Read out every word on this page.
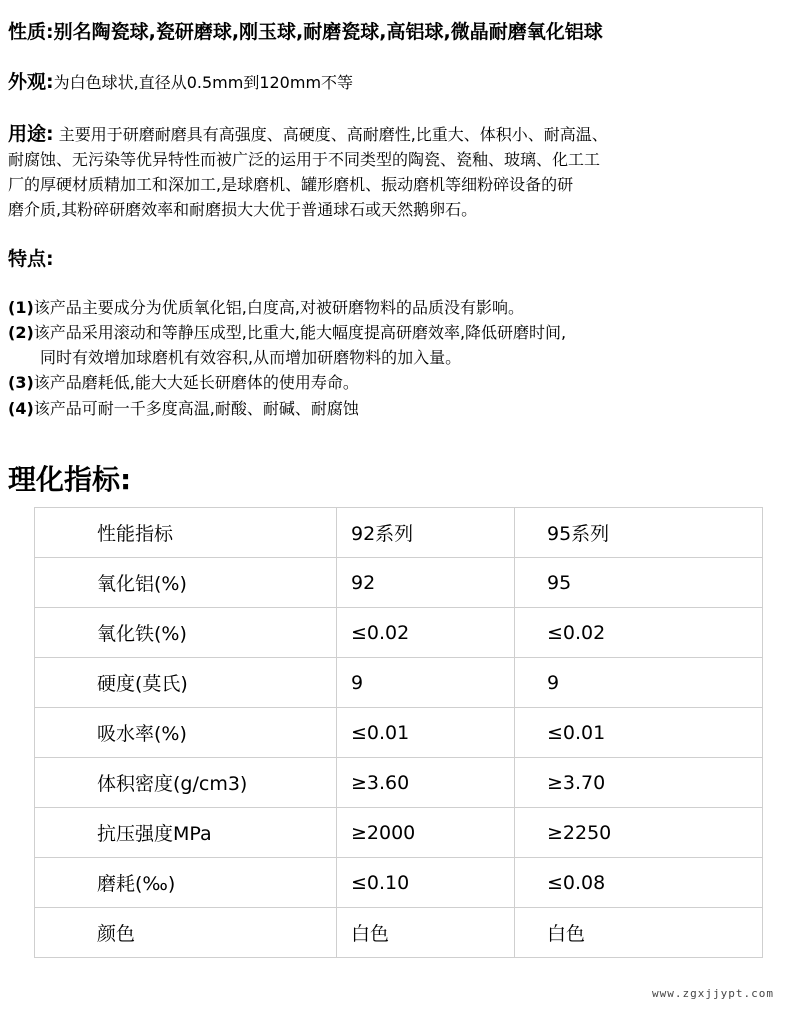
性质:别名陶瓷球,瓷研磨球,刚玉球,耐磨瓷球,高铝球,微晶耐磨氧化铝球
外观:为白色球状,直径从0.5mm到120mm不等
用途: 主要用于研磨耐磨具有高强度、高硬度、高耐磨性,比重大、体积小、耐高温、
耐腐蚀、无污染等优异特性而被广泛的运用于不同类型的陶瓷、瓷釉、玻璃、化工工
厂的厚硬材质精加工和深加工,是球磨机、罐形磨机、振动磨机等细粉碎设备的研
磨介质,其粉碎研磨效率和耐磨损大大优于普通球石或天然鹅卵石。
特点:
(1)该产品主要成分为优质氧化铝,白度高,对被研磨物料的品质没有影响。
(2)该产品采用滚动和等静压成型,比重大,能大幅度提高研磨效率,降低研磨时间,
同时有效增加球磨机有效容积,从而增加研磨物料的加入量。
(3)该产品磨耗低,能大大延长研磨体的使用寿命。
(4)该产品可耐一千多度高温,耐酸、耐碱、耐腐蚀
理化指标:
性能指标	92系列	95系列
氧化铝(%)	92	95
氧化铁(%)	≤0.02	≤0.02
硬度(莫氏)	9	9
吸水率(%)	≤0.01	≤0.01
体积密度(g/cm3)	≥3.60	≥3.70
抗压强度MPa	≥2000	≥2250
磨耗(‰)	≤0.10	≤0.08
颜色	白色	白色
www.zgxjjypt.com
